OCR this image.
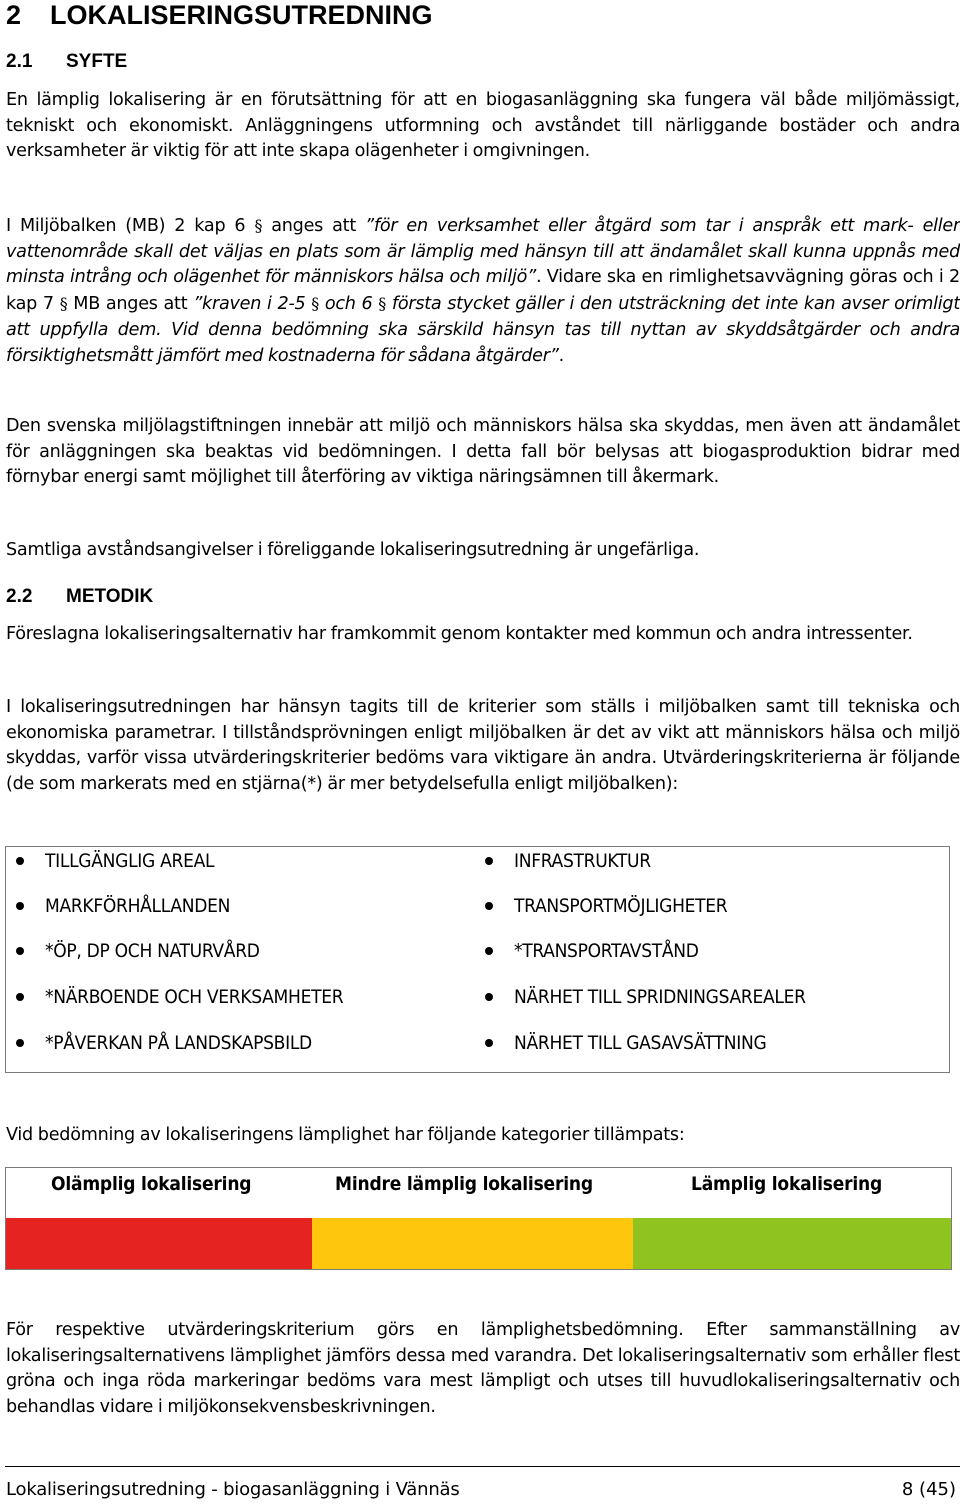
2 LOKALISERINGSUTREDNING
2.1 SYFTE
En lämplig lokalisering är en förutsättning för att en biogasanläggning ska fungera väl både miljömässigt, tekniskt och ekonomiskt. Anläggningens utformning och avståndet till närliggande bostäder och andra verksamheter är viktig för att inte skapa olägenheter i omgivningen.
I Miljöbalken (MB) 2 kap 6 § anges att ”för en verksamhet eller åtgärd som tar i anspråk ett mark- eller vattenområde skall det väljas en plats som är lämplig med hänsyn till att ändamålet skall kunna uppnås med minsta intrång och olägenhet för människors hälsa och miljö”. Vidare ska en rimlighetsavvägning göras och i 2 kap 7 § MB anges att ”kraven i 2-5 § och 6 § första stycket gäller i den utsträckning det inte kan avser orimligt att uppfylla dem. Vid denna bedömning ska särskild hänsyn tas till nyttan av skyddsåtgärder och andra försiktighetsmått jämfört med kostnaderna för sådana åtgärder”.
Den svenska miljölagstiftningen innebär att miljö och människors hälsa ska skyddas, men även att ändamålet för anläggningen ska beaktas vid bedömningen. I detta fall bör belysas att biogasproduktion bidrar med förnybar energi samt möjlighet till återföring av viktiga näringsämnen till åkermark.
Samtliga avståndsangivelser i föreliggande lokaliseringsutredning är ungefärliga.
2.2 METODIK
Föreslagna lokaliseringsalternativ har framkommit genom kontakter med kommun och andra intressenter.
I lokaliseringsutredningen har hänsyn tagits till de kriterier som ställs i miljöbalken samt till tekniska och ekonomiska parametrar. I tillståndsprövningen enligt miljöbalken är det av vikt att människors hälsa och miljö skyddas, varför vissa utvärderingskriterier bedöms vara viktigare än andra. Utvärderingskriterierna är följande (de som markerats med en stjärna(*) är mer betydelsefulla enligt miljöbalken):
TILLGÄNGLIG AREAL
MARKFÖRHÅLLANDEN
*ÖP, DP OCH NATURVÅRD
*NÄRBOENDE OCH VERKSAMHETER
*PÅVERKAN PÅ LANDSKAPSBILD
INFRASTRUKTUR
TRANSPORTMÖJLIGHETER
*TRANSPORTAVSTÅND
NÄRHET TILL SPRIDNINGSAREALER
NÄRHET TILL GASAVSÄTTNING
Vid bedömning av lokaliseringens lämplighet har följande kategorier tillämpats:
Olämplig lokalisering	Mindre lämplig lokalisering	Lämplig lokalisering
För respektive utvärderingskriterium görs en lämplighetsbedömning. Efter sammanställning av lokaliseringsalternativens lämplighet jämförs dessa med varandra. Det lokaliseringsalternativ som erhåller flest gröna och inga röda markeringar bedöms vara mest lämpligt och utses till huvudlokaliseringsalternativ och behandlas vidare i miljökonsekvensbeskrivningen.
Lokaliseringsutredning - biogasanläggning i Vännäs	8 (45)
